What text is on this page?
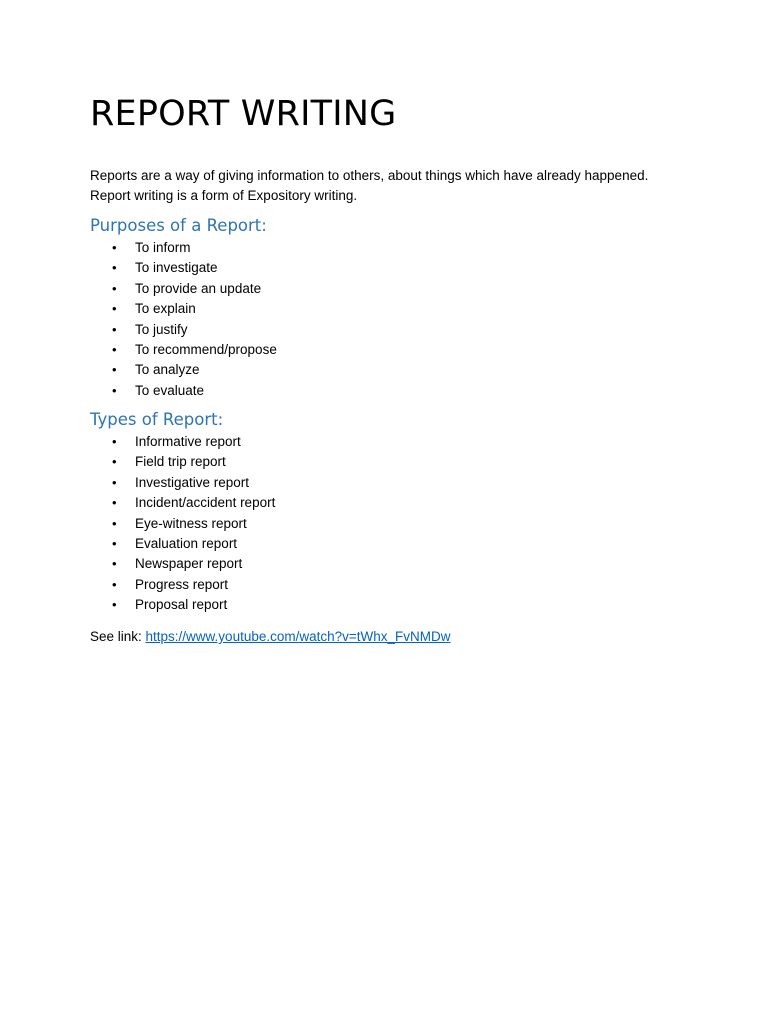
REPORT WRITING

Reports are a way of giving information to others, about things which have already happened.
Report writing is a form of Expository writing.

Purposes of a Report:
• To inform
• To investigate
• To provide an update
• To explain
• To justify
• To recommend/propose
• To analyze
• To evaluate
Types of Report:
• Informative report
• Field trip report
• Investigative report
• Incident/accident report
• Eye-witness report
• Evaluation report
• Newspaper report
• Progress report
• Proposal report

See link: https://www.youtube.com/watch?v=tWhx_FvNMDw
